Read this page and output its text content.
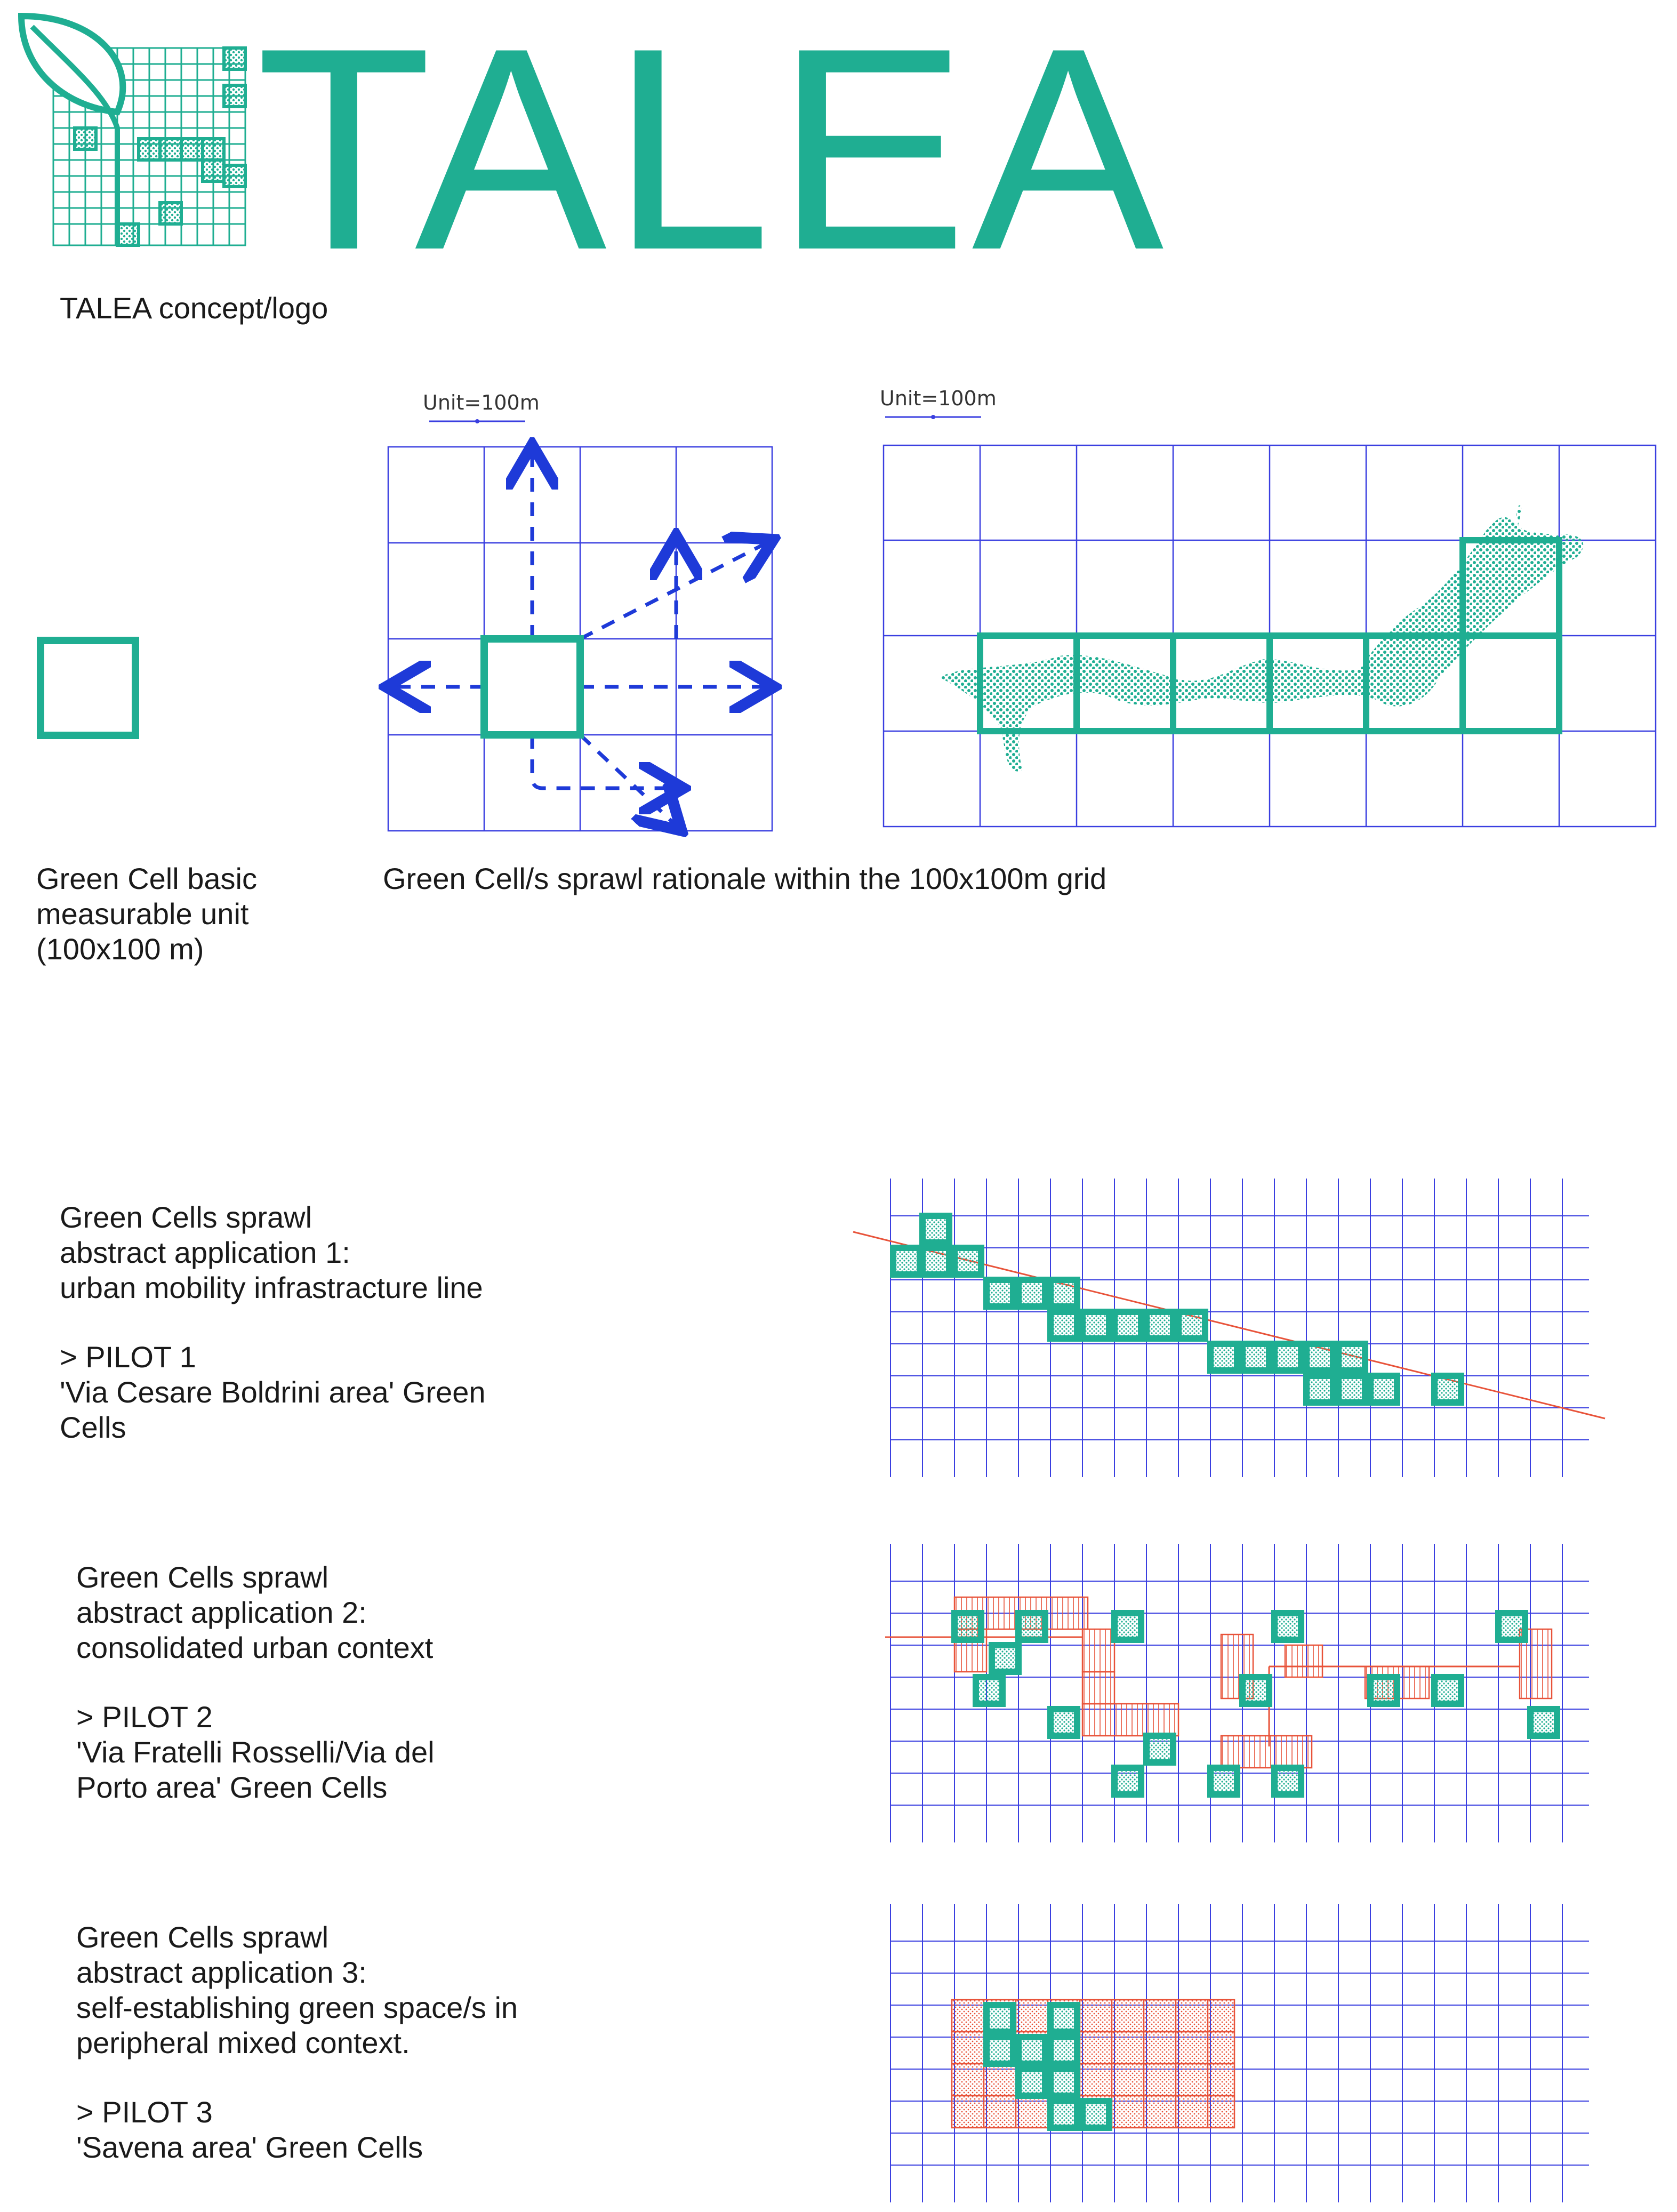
TALEA
TALEA concept/logo
Green Cell basic
measurable unit
(100x100 m)
Unit=100m	Unit=100m
Green Cell/s sprawl rationale within the 100x100m grid
Green Cells sprawl
abstract application 1:
urban mobility infrastracture line
> PILOT 1
'Via Cesare Boldrini area' Green
Cells
Green Cells sprawl
abstract application 2:
consolidated urban context
> PILOT 2
'Via Fratelli Rosselli/Via del
Porto area' Green Cells
Green Cells sprawl
abstract application 3:
self-establishing green space/s in
peripheral mixed context.
> PILOT 3
'Savena area' Green Cells
